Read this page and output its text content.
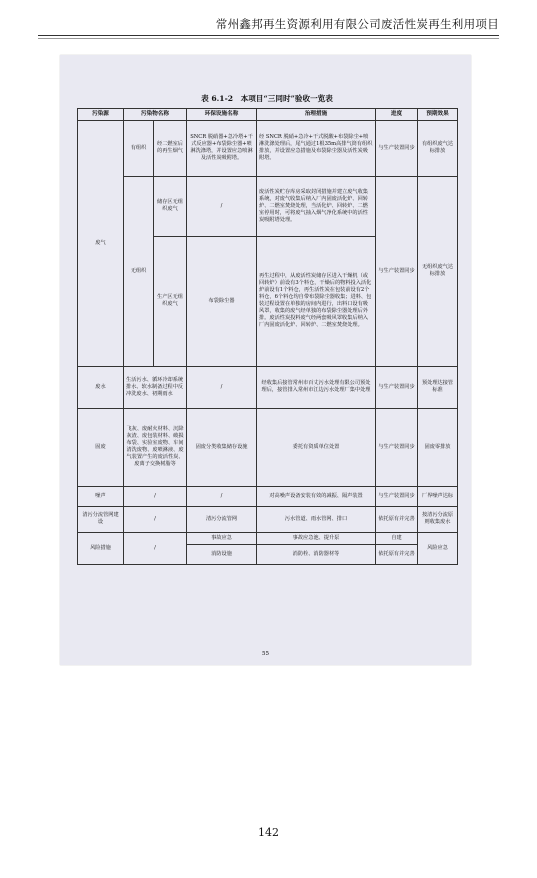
常州鑫邦再生资源利用有限公司废活性炭再生利用项目
表 6.1-2　本项目“三同时”验收一览表
污染源	污染物名称		环保设施名称	治理措施	进度	预期效果
废气	有组织	经二燃室后的再生烟气	SNCR 脱硝器+急冷塔+干式反应器+布袋除尘器+喷淋洗涤塔，并设置应急喷淋及活性炭吸附塔。	经 SNCR 脱硝+急冷+干式脱酸+布袋除尘+喷淋洗涤处理后，尾气通过1根35m高排气筒有组织排放，并设置应急措施及布袋除尘器及活性炭吸附塔。	与生产装置同步	有组织废气达标排放
	无组织	储存区无组织废气	/	废活性炭贮存库房采取封闭措施并建立废气收集系统，对废气收集后纳入厂内固废活化炉、回转炉、二燃室焚烧处理，当活化炉、回转炉、二燃室停用时，可将废气抽入烟气净化系统中的活性炭吸附塔处理。	与生产装置同步	无组织废气达标排放
		生产区无组织废气	布袋除尘器	再生过程中，从废活性炭储存区进入干燥机（或回转炉）前设有3个料仓，干燥后的物料投入活化炉前设有1个料仓，再生活性炭在包装前设有2个料仓，6个料仓均自带布袋除尘器收集；进料、包装过程设置在单独的房间内进行，出料口设有吸风罩，收集的废气经单独的布袋除尘器处理后外排。废活性炭投料废气经两套吸风罩收集后纳入厂内固废活化炉、回转炉、二燃室焚烧处理。		
废水	生活污水、循环冷却系统排水、软水制备过程中反冲洗废水、初期雨水		/	经收集后接管常州市百丈污水处理有限公司预处理后，接管排入常州市江边污水处理厂集中处理	与生产装置同步	预处理达接管标准
固废	飞灰、废耐火材料、沉降灰渣、废包装材料、破损布袋、实验室废物、车间清洗废物、废喷淋液、废气装置产生的废活性炭、废离子交换树脂等		固废分类收集储存设施	委托有资质单位处置	与生产装置同步	固废零排放
噪声	/		/	对高噪声设备安装有效的减振、隔声装置	与生产装置同步	厂界噪声达标
清污分流管网建设	/		清污分流管网	污水管道、雨水管网、排口	依托原有并完善	按清污分流原则收集废水
风险措施	/		事故应急	事故应急池、提升泵	自建	风险应急
			消防设施	消防栓、消防器材等	依托原有并完善	
55
142
